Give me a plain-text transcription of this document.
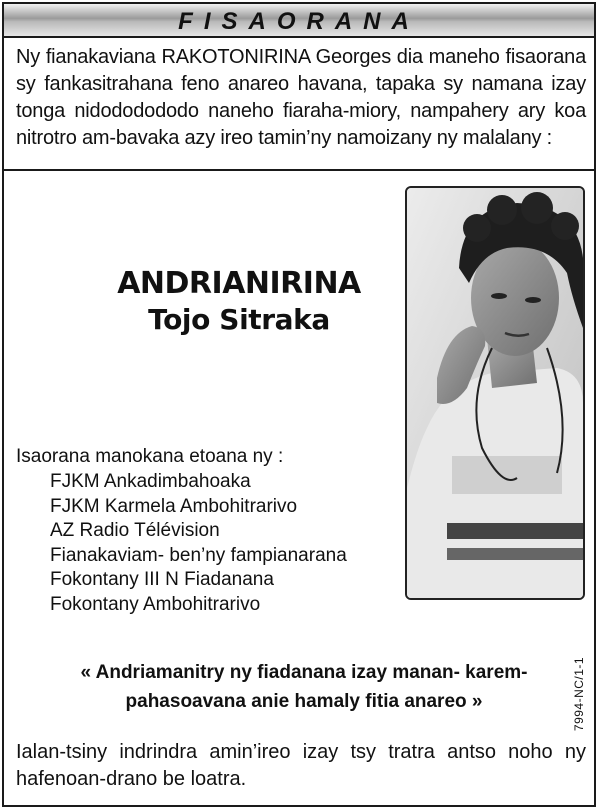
FISAORANA
Ny fianakaviana RAKOTONIRINA Georges dia maneho fisaorana sy fankasitrahana feno anareo havana, tapaka sy namana izay tonga nidododododo naneho fiaraha-miory, nampahery ary koa nitrotro am-bavaka azy ireo tamin’ny namoizany ny malalany :
ANDRIANIRINA
Tojo Sitraka
Isaorana manokana etoana ny :
FJKM Ankadimbahoaka
FJKM Karmela Ambohitrarivo
AZ Radio Télévision
Fianakaviam- ben’ny fampianarana
Fokontany III N Fiadanana
Fokontany Ambohitrarivo
« Andriamanitry ny fiadanana izay manan- karem-
pahasoavana anie hamaly fitia anareo »	7994-NC/1-1
Ialan-tsiny indrindra amin’ireo izay tsy tratra antso noho ny hafenoan-drano be loatra.
